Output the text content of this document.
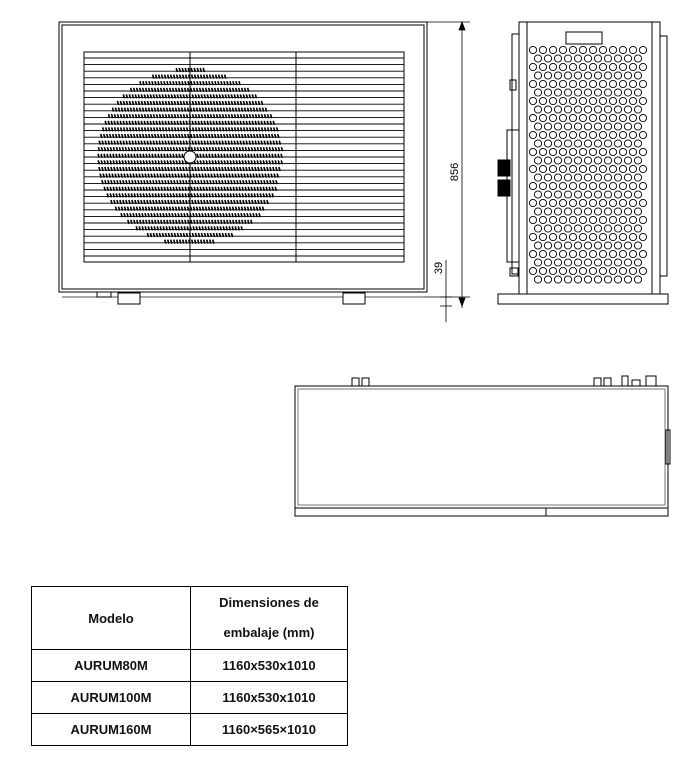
856
39
Modelo	Dimensiones de
embalaje (mm)
AURUM80M	1160x530x1010
AURUM100M	1160x530x1010
AURUM160M	1160×565×1010
